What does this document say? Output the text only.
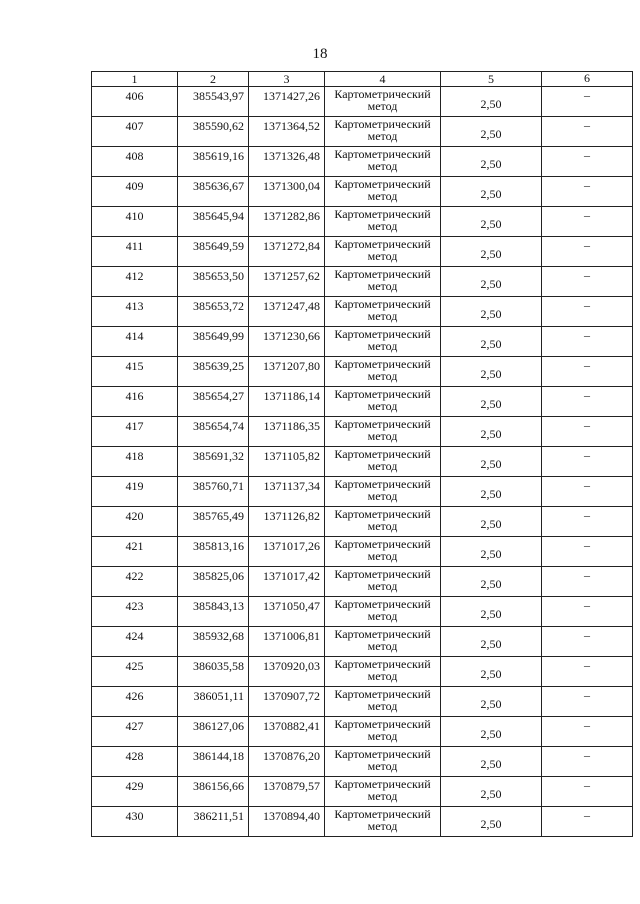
18
1	2	3	4	5	6
406	385543,97	1371427,26	Картометрический метод	2,50	–
407	385590,62	1371364,52	Картометрический метод	2,50	–
408	385619,16	1371326,48	Картометрический метод	2,50	–
409	385636,67	1371300,04	Картометрический метод	2,50	–
410	385645,94	1371282,86	Картометрический метод	2,50	–
411	385649,59	1371272,84	Картометрический метод	2,50	–
412	385653,50	1371257,62	Картометрический метод	2,50	–
413	385653,72	1371247,48	Картометрический метод	2,50	–
414	385649,99	1371230,66	Картометрический метод	2,50	–
415	385639,25	1371207,80	Картометрический метод	2,50	–
416	385654,27	1371186,14	Картометрический метод	2,50	–
417	385654,74	1371186,35	Картометрический метод	2,50	–
418	385691,32	1371105,82	Картометрический метод	2,50	–
419	385760,71	1371137,34	Картометрический метод	2,50	–
420	385765,49	1371126,82	Картометрический метод	2,50	–
421	385813,16	1371017,26	Картометрический метод	2,50	–
422	385825,06	1371017,42	Картометрический метод	2,50	–
423	385843,13	1371050,47	Картометрический метод	2,50	–
424	385932,68	1371006,81	Картометрический метод	2,50	–
425	386035,58	1370920,03	Картометрический метод	2,50	–
426	386051,11	1370907,72	Картометрический метод	2,50	–
427	386127,06	1370882,41	Картометрический метод	2,50	–
428	386144,18	1370876,20	Картометрический метод	2,50	–
429	386156,66	1370879,57	Картометрический метод	2,50	–
430	386211,51	1370894,40	Картометрический метод	2,50	–
